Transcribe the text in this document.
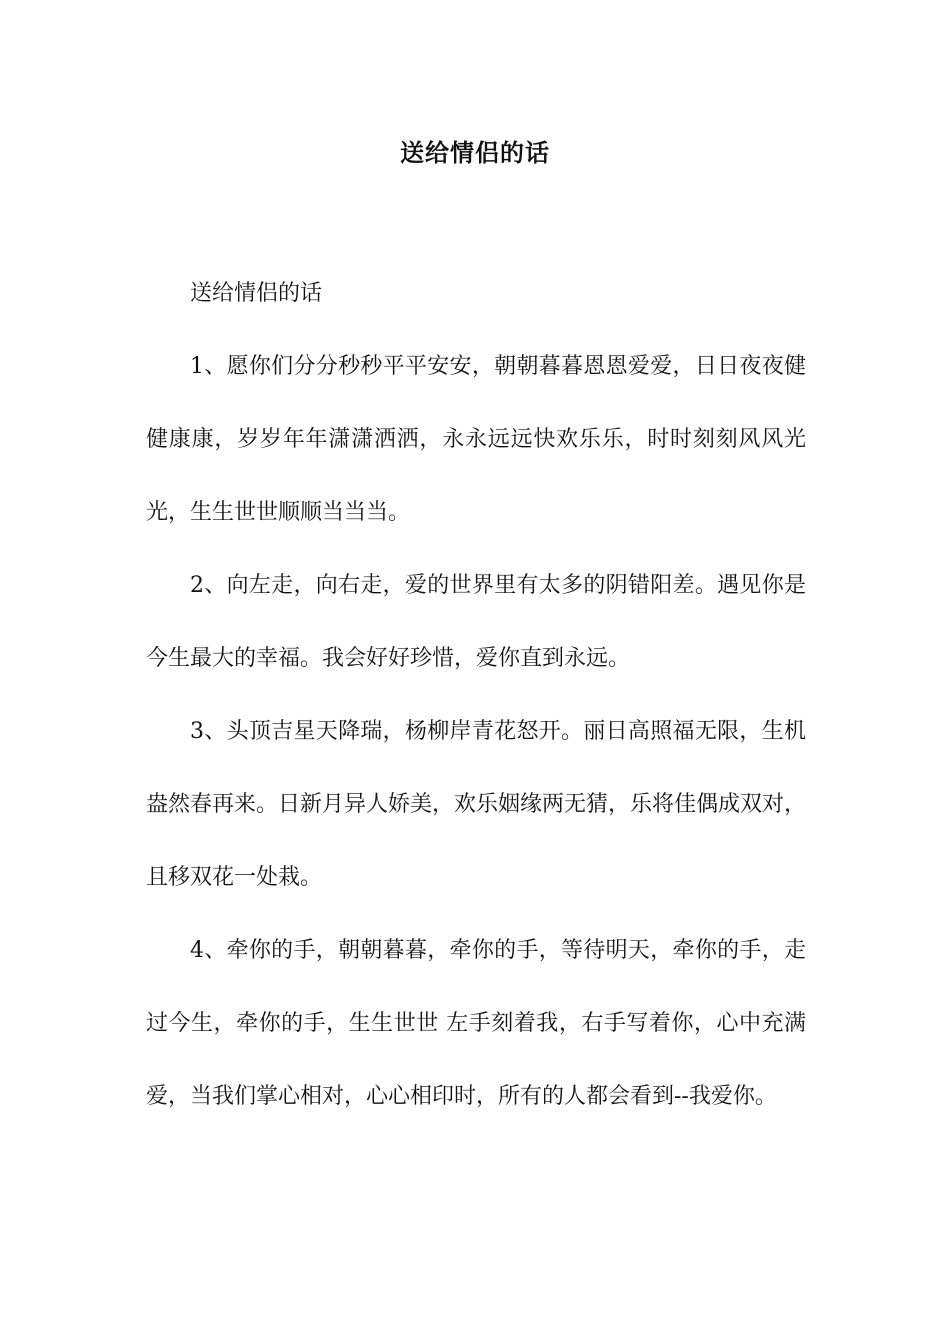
送给情侣的话

送给情侣的话

1、愿你们分分秒秒平平安安，朝朝暮暮恩恩爱爱，日日夜夜健健康康，岁岁年年潇潇洒洒，永永远远快欢乐乐，时时刻刻风风光光，生生世世顺顺当当当。

2、向左走，向右走，爱的世界里有太多的阴错阳差。遇见你是今生最大的幸福。我会好好珍惜，爱你直到永远。

3、头顶吉星天降瑞，杨柳岸青花怒开。丽日高照福无限，生机盎然春再来。日新月异人娇美，欢乐姻缘两无猜，乐将佳偶成双对，且移双花一处栽。

4、牵你的手，朝朝暮暮，牵你的手，等待明天，牵你的手，走过今生，牵你的手，生生世世 左手刻着我，右手写着你，心中充满爱，当我们掌心相对，心心相印时，所有的人都会看到--我爱你。
